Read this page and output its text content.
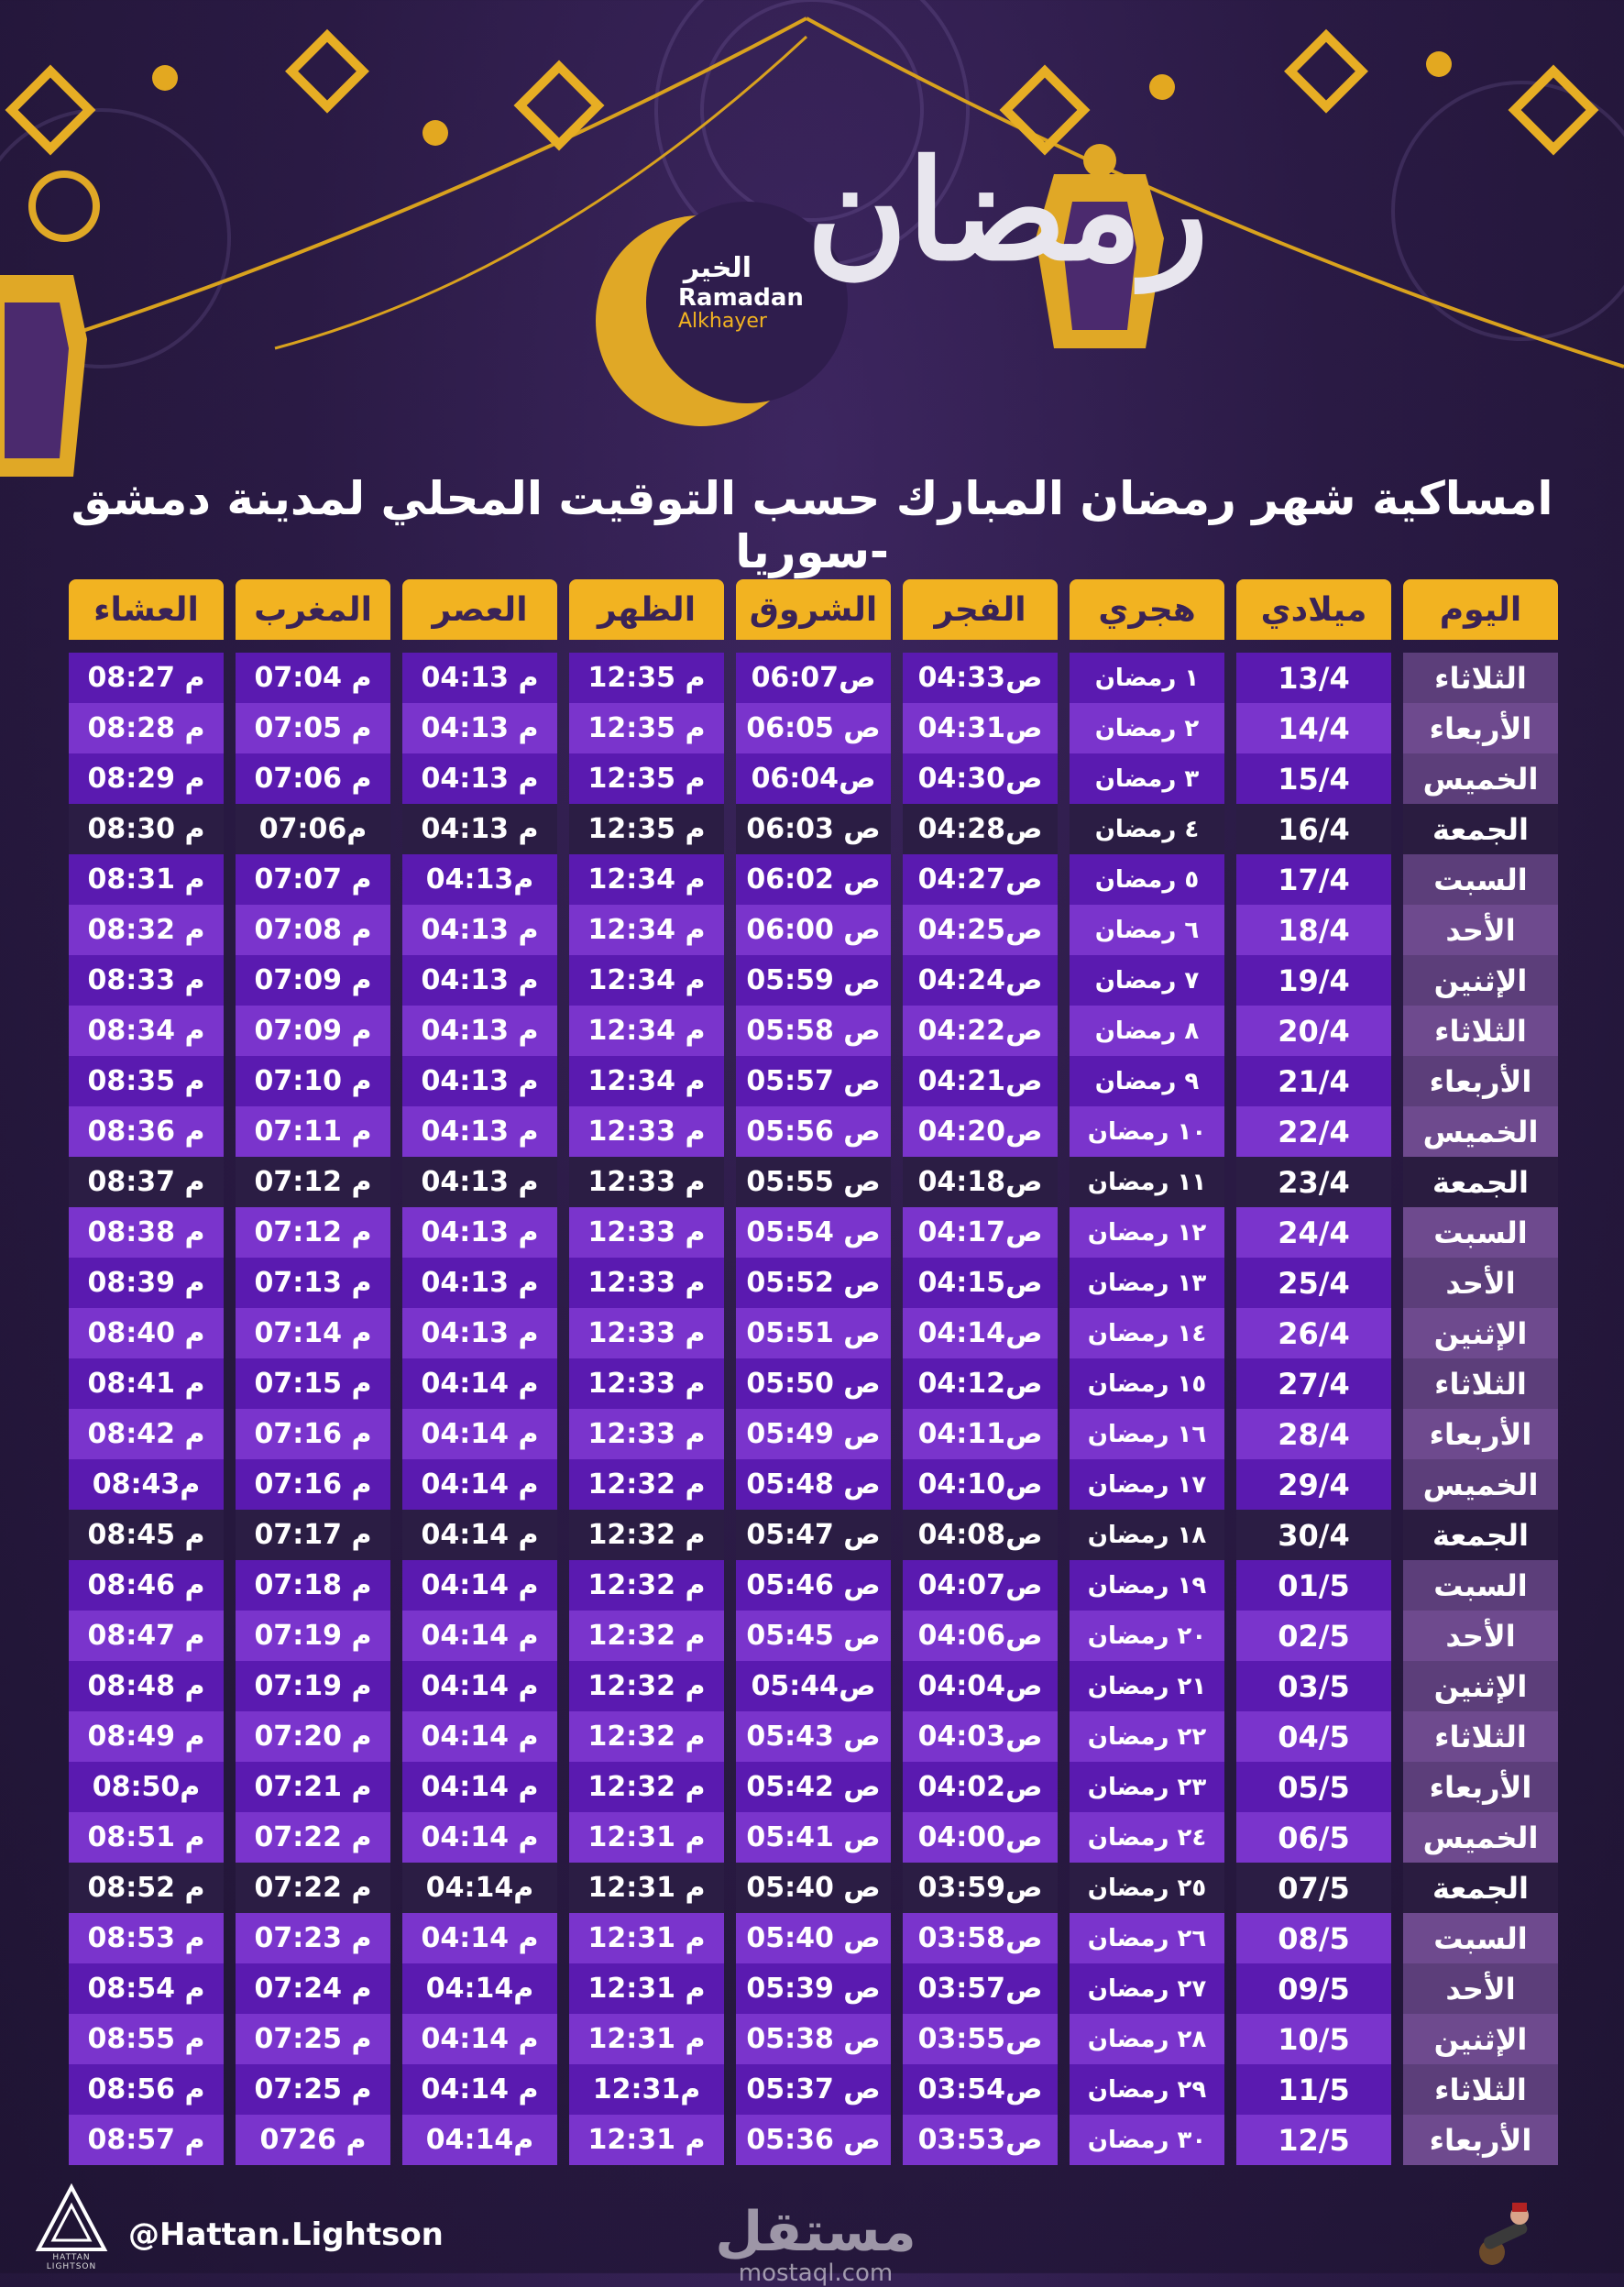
الخير
Ramadan
Alkhayer
رمضان
امساكية شهر رمضان المبارك حسب التوقيت المحلي لمدينة دمشق -سوريا
اليوم
ميلادي
هجري
الفجر
الشروق
الظهر
العصر
المغرب
العشاء
الثلاثاء
13/4
١ رمضان
ص04:33
ص06:07
م 12:35
م 04:13
م 07:04
م 08:27
الأربعاء
14/4
٢ رمضان
ص04:31
ص 06:05
م 12:35
م 04:13
م 07:05
م 08:28
الخميس
15/4
٣ رمضان
ص04:30
ص06:04
م 12:35
م 04:13
م 07:06
م 08:29
الجمعة
16/4
٤ رمضان
ص04:28
ص 06:03
م 12:35
م 04:13
م07:06
م 08:30
السبت
17/4
٥ رمضان
ص04:27
ص 06:02
م 12:34
م04:13
م 07:07
م 08:31
الأحد
18/4
٦ رمضان
ص04:25
ص 06:00
م 12:34
م 04:13
م 07:08
م 08:32
الإثنين
19/4
٧ رمضان
ص04:24
ص 05:59
م 12:34
م 04:13
م 07:09
م 08:33
الثلاثاء
20/4
٨ رمضان
ص04:22
ص 05:58
م 12:34
م 04:13
م 07:09
م 08:34
الأربعاء
21/4
٩ رمضان
ص04:21
ص 05:57
م 12:34
م 04:13
م 07:10
م 08:35
الخميس
22/4
١٠ رمضان
ص04:20
ص 05:56
م 12:33
م 04:13
م 07:11
م 08:36
الجمعة
23/4
١١ رمضان
ص04:18
ص 05:55
م 12:33
م 04:13
م 07:12
م 08:37
السبت
24/4
١٢ رمضان
ص04:17
ص 05:54
م 12:33
م 04:13
م 07:12
م 08:38
الأحد
25/4
١٣ رمضان
ص04:15
ص 05:52
م 12:33
م 04:13
م 07:13
م 08:39
الإثنين
26/4
١٤ رمضان
ص04:14
ص 05:51
م 12:33
م 04:13
م 07:14
م 08:40
الثلاثاء
27/4
١٥ رمضان
ص04:12
ص 05:50
م 12:33
م 04:14
م 07:15
م 08:41
الأربعاء
28/4
١٦ رمضان
ص04:11
ص 05:49
م 12:33
م 04:14
م 07:16
م 08:42
الخميس
29/4
١٧ رمضان
ص04:10
ص 05:48
م 12:32
م 04:14
م 07:16
م08:43
الجمعة
30/4
١٨ رمضان
ص04:08
ص 05:47
م 12:32
م 04:14
م 07:17
م 08:45
السبت
01/5
١٩ رمضان
ص04:07
ص 05:46
م 12:32
م 04:14
م 07:18
م 08:46
الأحد
02/5
٢٠ رمضان
ص04:06
ص 05:45
م 12:32
م 04:14
م 07:19
م 08:47
الإثنين
03/5
٢١ رمضان
ص04:04
ص05:44
م 12:32
م 04:14
م 07:19
م 08:48
الثلاثاء
04/5
٢٢ رمضان
ص04:03
ص 05:43
م 12:32
م 04:14
م 07:20
م 08:49
الأربعاء
05/5
٢٣ رمضان
ص04:02
ص 05:42
م 12:32
م 04:14
م 07:21
م08:50
الخميس
06/5
٢٤ رمضان
ص04:00
ص 05:41
م 12:31
م 04:14
م 07:22
م 08:51
الجمعة
07/5
٢٥ رمضان
ص03:59
ص 05:40
م 12:31
م04:14
م 07:22
م 08:52
السبت
08/5
٢٦ رمضان
ص03:58
ص 05:40
م 12:31
م 04:14
م 07:23
م 08:53
الأحد
09/5
٢٧ رمضان
ص03:57
ص 05:39
م 12:31
م04:14
م 07:24
م 08:54
الإثنين
10/5
٢٨ رمضان
ص03:55
ص 05:38
م 12:31
م 04:14
م 07:25
م 08:55
الثلاثاء
11/5
٢٩ رمضان
ص03:54
ص 05:37
م12:31
م 04:14
م 07:25
م 08:56
الأربعاء
12/5
٣٠ رمضان
ص03:53
ص 05:36
م 12:31
م04:14
م 0726
م 08:57
HATTAN LIGHTSON
@Hattan.Lightson	مستقل
mostaql.com
